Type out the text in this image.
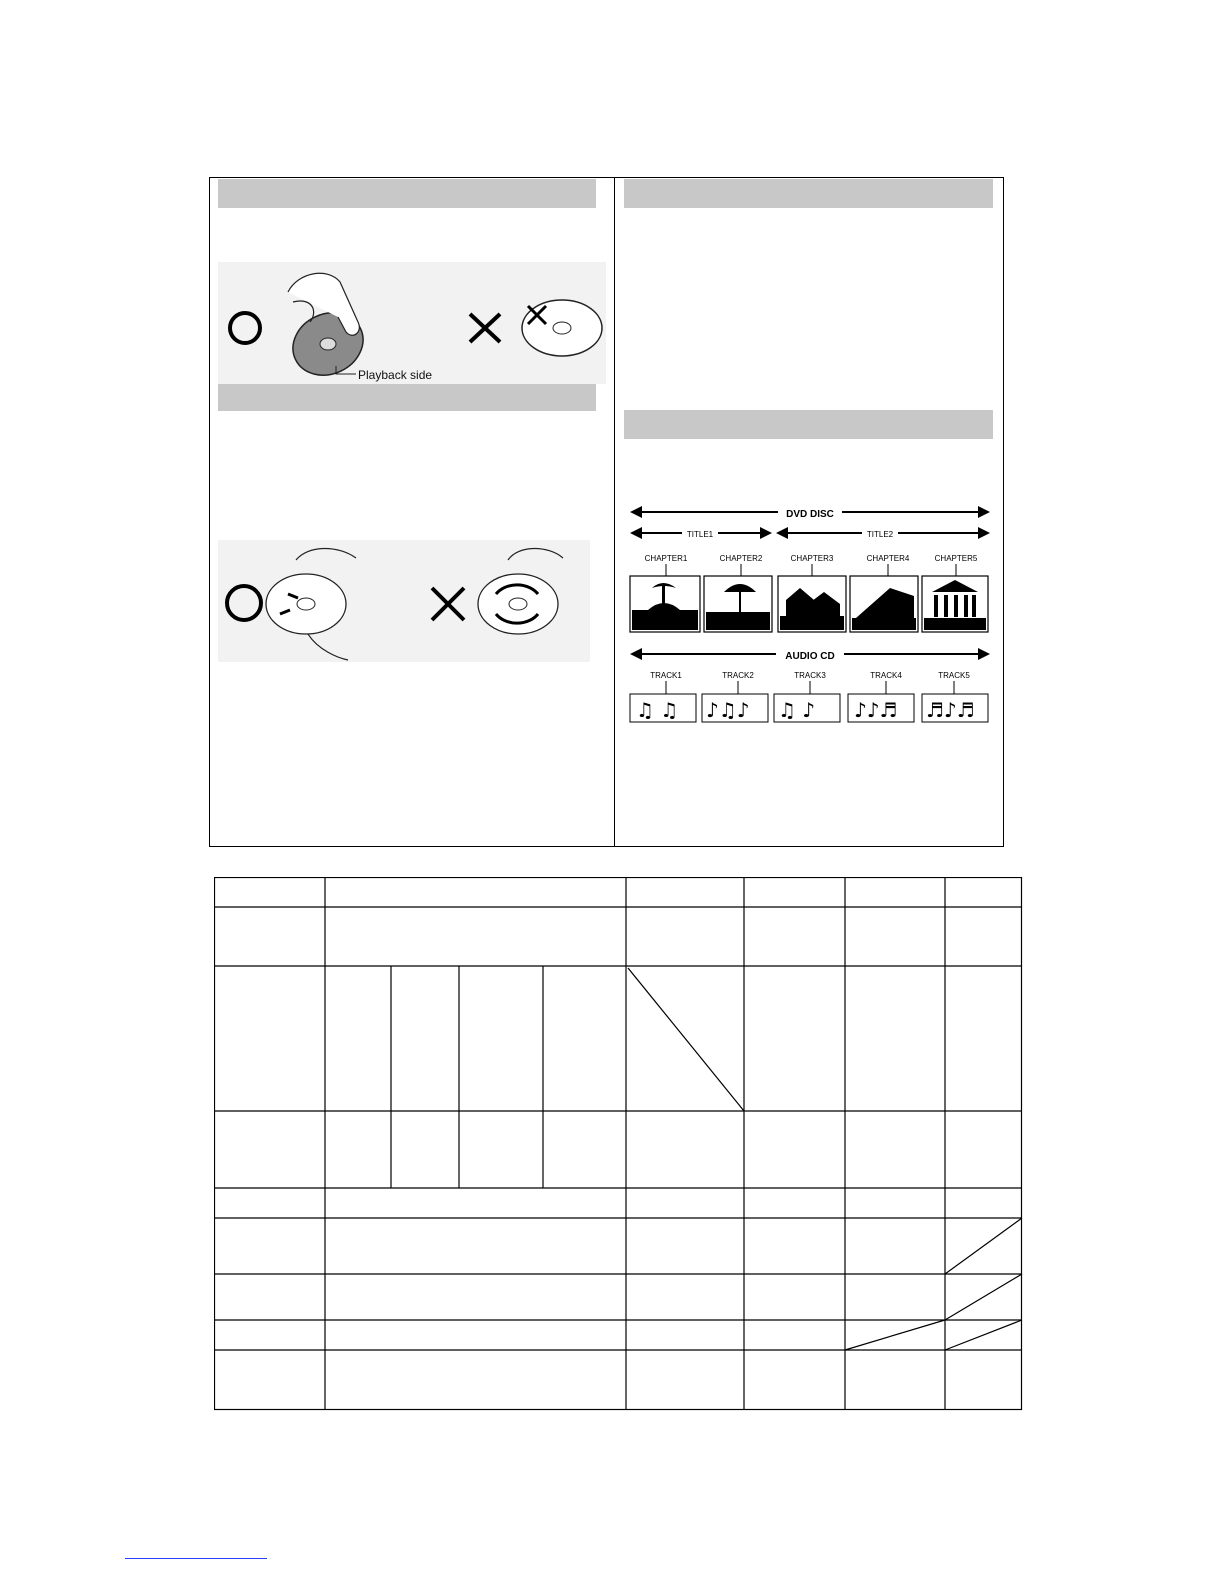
Playback side
DVD DISC
TITLE1	TITLE2
CHAPTER1	CHAPTER2	CHAPTER3	CHAPTER4	CHAPTER5
AUDIO CD
TRACK1	TRACK2	TRACK3	TRACK4	TRACK5
♫ ♫ ♪♫♪ ♫ ♪ ♪♪♬ ♬♪♬
